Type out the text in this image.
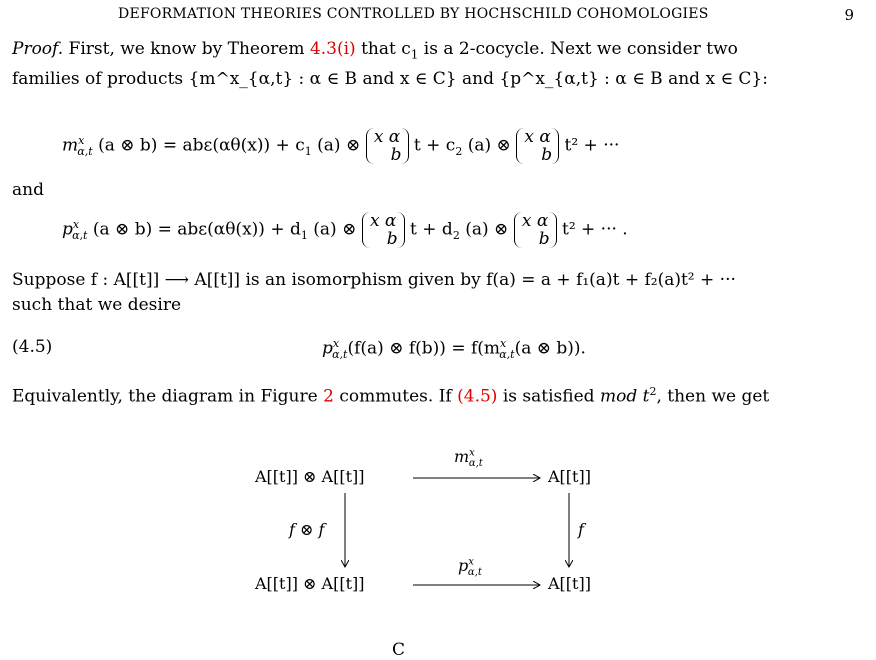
DEFORMATION THEORIES CONTROLLED BY HOCHSCHILD COHOMOLOGIES	9

Proof. First, we know by Theorem 4.3(i) that $c_1$ is a 2-cocycle. Next we consider two

families of products {m^x_{α,t} : α ∈ B and x ∈ C} and {p^x_{α,t} : α ∈ B and x ∈ C}:

$m^x_{\alpha,t}$ (a ⊗ $b) = ab\varepsilon(\alpha\theta(x)) + c_1$ (a) ⊗ x α
b $t + c_2$ (a) ⊗ x α
b t² + ···
and
$p^x_{\alpha,t}$ (a ⊗ $b) = ab\varepsilon(\alpha\theta(x)) + d_1$ (a) ⊗ x α
b $t + d_2$ (a) ⊗ x α
b t² + ··· .

Suppose f : A[[t]] ⟶ A[[t]] is an isomorphism given by f(a) = a + f₁(a)t + f₂(a)t² + ···

such that we desire

(4.5)	$p^x_{\alpha,t}(f(a)$ ⊗ $f(b)) = f(m^x_{\alpha,t}(a$ ⊗ b)).

Equivalently, the diagram in Figure 2 commutes. If (4.5) is satisfied mod $t^2$, then we get

A[[t]] ⊗ A[[t]]	A[[t]]
A[[t]] ⊗ A[[t]]	A[[t]]
$m^x_{\alpha,t}$
$p^x_{\alpha,t}$
f ⊗ f	f
C
